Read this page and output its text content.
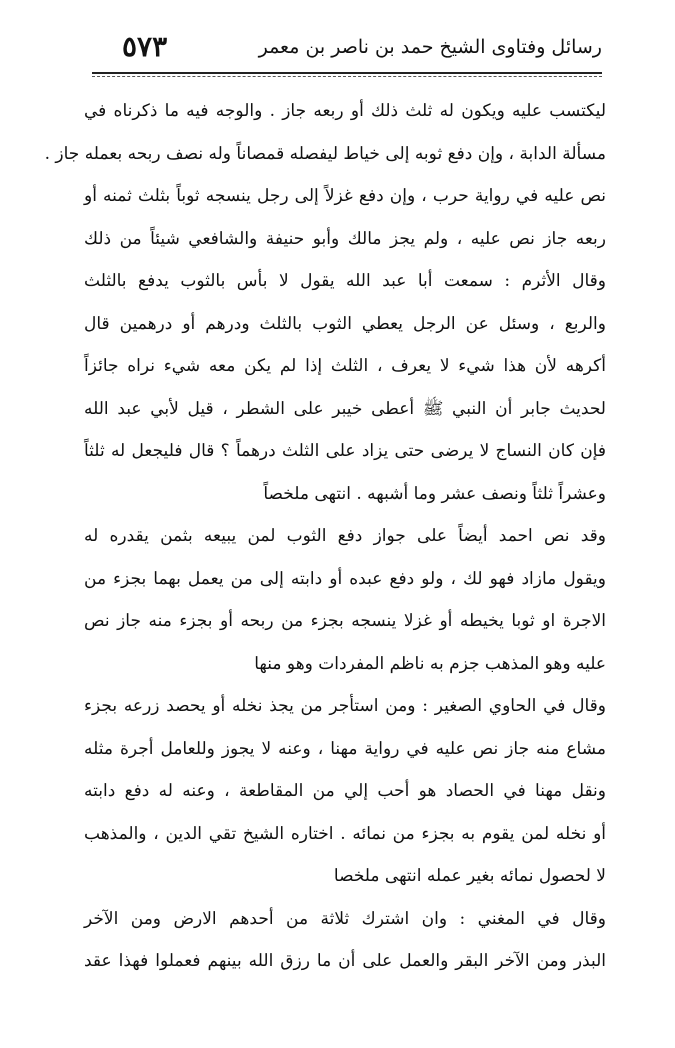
رسائل وفتاوى الشيخ حمد بن ناصر بن معمر
٥٧٣
ليكتسب عليه ويكون له ثلث ذلك أو ربعه جاز . والوجه فيه ما ذكرناه في
مسألة الدابة ، وإن دفع ثوبه إلى خياط ليفصله قمصاناً وله نصف ربحه بعمله جاز .
نص عليه في رواية حرب ، وإن دفع غزلاً إلى رجل ينسجه ثوباً بثلث ثمنه أو
ربعه جاز نص عليه ، ولم يجز مالك وأبو حنيفة والشافعي شيئاً من ذلك
وقال الأثرم : سمعت أبا عبد الله يقول لا بأس بالثوب يدفع بالثلث
والربع ، وسئل عن الرجل يعطي الثوب بالثلث ودرهم أو درهمين قال
أكرهه لأن هذا شيء لا يعرف ، الثلث إذا لم يكن معه شيء نراه جائزاً
لحديث جابر أن النبي ﷺ أعطى خيبر على الشطر ، قيل لأبي عبد الله
فإن كان النساج لا يرضى حتى يزاد على الثلث درهماً ؟ قال فليجعل له ثلثاً
وعشراً ثلثاً ونصف عشر وما أشبهه . انتهى ملخصاً
وقد نص احمد أيضاً على جواز دفع الثوب لمن يبيعه بثمن يقدره له
ويقول مازاد فهو لك ، ولو دفع عبده أو دابته إلى من يعمل بهما بجزء من
الاجرة او ثوبا يخيطه أو غزلا ينسجه بجزء من ربحه أو بجزء منه جاز نص
عليه وهو المذهب جزم به ناظم المفردات وهو منها
وقال في الحاوي الصغير : ومن استأجر من يجذ نخله أو يحصد زرعه بجزء
مشاع منه جاز نص عليه في رواية مهنا ، وعنه لا يجوز وللعامل أجرة مثله
ونقل مهنا في الحصاد هو أحب إلي من المقاطعة ، وعنه له دفع دابته
أو نخله لمن يقوم به بجزء من نمائه . اختاره الشيخ تقي الدين ، والمذهب
لا لحصول نمائه بغير عمله انتهى ملخصا
وقال في المغني : وان اشترك ثلاثة من أحدهم الارض ومن الآخر
البذر ومن الآخر البقر والعمل على أن ما رزق الله بينهم فعملوا فهذا عقد
